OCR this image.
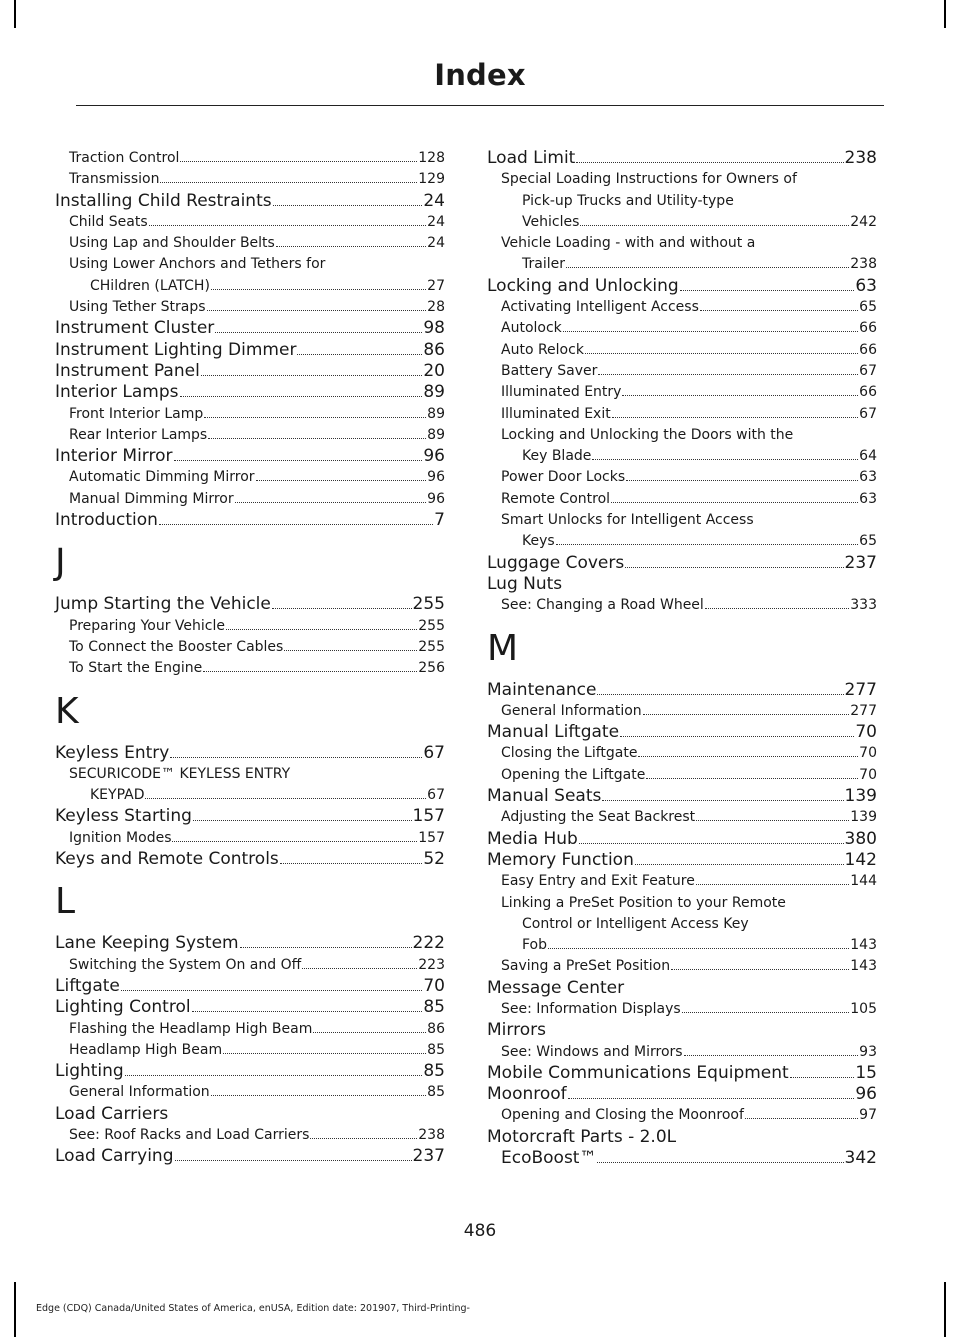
Index
Traction Control	128
Transmission	129
Installing Child Restraints	24
Child Seats	24
Using Lap and Shoulder Belts	24
Using Lower Anchors and Tethers for
CHildren (LATCH)	27
Using Tether Straps	28
Instrument Cluster	98
Instrument Lighting Dimmer	86
Instrument Panel	20
Interior Lamps	89
Front Interior Lamp	89
Rear Interior Lamps	89
Interior Mirror	96
Automatic Dimming Mirror	96
Manual Dimming Mirror	96
Introduction	7
J
Jump Starting the Vehicle	255
Preparing Your Vehicle	255
To Connect the Booster Cables	255
To Start the Engine	256
K
Keyless Entry	67
SECURICODE™ KEYLESS ENTRY
KEYPAD	67
Keyless Starting	157
Ignition Modes	157
Keys and Remote Controls	52
L
Lane Keeping System	222
Switching the System On and Off	223
Liftgate	70
Lighting Control	85
Flashing the Headlamp High Beam	86
Headlamp High Beam	85
Lighting	85
General Information	85
Load Carriers
See: Roof Racks and Load Carriers	238
Load Carrying	237
Load Limit	238
Special Loading Instructions for Owners of
Pick-up Trucks and Utility-type
Vehicles	242
Vehicle Loading - with and without a
Trailer	238
Locking and Unlocking	63
Activating Intelligent Access	65
Autolock	66
Auto Relock	66
Battery Saver	67
Illuminated Entry	66
Illuminated Exit	67
Locking and Unlocking the Doors with the
Key Blade	64
Power Door Locks	63
Remote Control	63
Smart Unlocks for Intelligent Access
Keys	65
Luggage Covers	237
Lug Nuts
See: Changing a Road Wheel	333
M
Maintenance	277
General Information	277
Manual Liftgate	70
Closing the Liftgate	70
Opening the Liftgate	70
Manual Seats	139
Adjusting the Seat Backrest	139
Media Hub	380
Memory Function	142
Easy Entry and Exit Feature	144
Linking a PreSet Position to your Remote
Control or Intelligent Access Key
Fob	143
Saving a PreSet Position	143
Message Center
See: Information Displays	105
Mirrors
See: Windows and Mirrors	93
Mobile Communications Equipment	15
Moonroof	96
Opening and Closing the Moonroof	97
Motorcraft Parts - 2.0L
EcoBoost™	342
486
Edge (CDQ) Canada/United States of America, enUSA, Edition date: 201907, Third-Printing-
